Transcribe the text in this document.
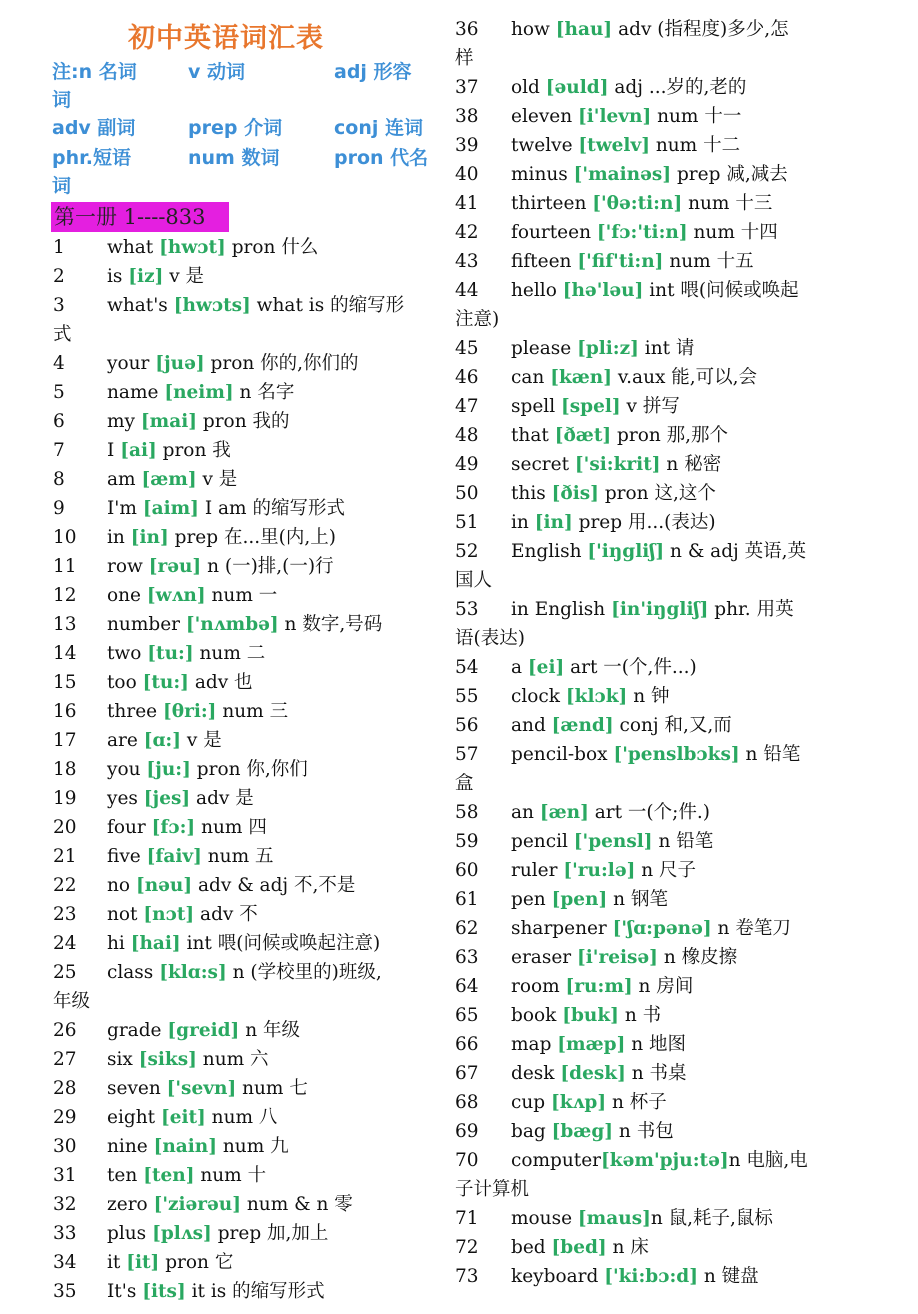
初中英语词汇表
注:n 名词	v 动词	adj 形容
词
adv 副词	prep 介词	conj 连词
phr.短语	num 数词	pron 代名
词
第一册 1----833
1 what [hwɔt] pron 什么
2 is [iz] v 是
3 what's [hwɔts] what is 的缩写形
式
4 your [juə] pron 你的,你们的
5 name [neim] n 名字
6 my [mai] pron 我的
7 I [ai] pron 我
8 am [æm] v 是
9 I'm [aim] I am 的缩写形式
10 in [in] prep 在...里(内,上)
11 row [rəu] n (一)排,(一)行
12 one [wʌn] num 一
13 number ['nʌmbə] n 数字,号码
14 two [tu:] num 二
15 too [tu:] adv 也
16 three [θri:] num 三
17 are [ɑ:] v 是
18 you [ju:] pron 你,你们
19 yes [jes] adv 是
20 four [fɔ:] num 四
21 five [faiv] num 五
22 no [nəu] adv & adj 不,不是
23 not [nɔt] adv 不
24 hi [hai] int 喂(问候或唤起注意)
25 class [klɑ:s] n (学校里的)班级,
年级
26 grade [greid] n 年级
27 six [siks] num 六
28 seven ['sevn] num 七
29 eight [eit] num 八
30 nine [nain] num 九
31 ten [ten] num 十
32 zero ['ziərəu] num & n 零
33 plus [plʌs] prep 加,加上
34 it [it] pron 它
35 It's [its] it is 的缩写形式
36 how [hau] adv (指程度)多少,怎
样
37 old [əuld] adj ...岁的,老的
38 eleven [i'levn] num 十一
39 twelve [twelv] num 十二
40 minus ['mainəs] prep 减,减去
41 thirteen ['θə:ti:n] num 十三
42 fourteen ['fɔ:'ti:n] num 十四
43 fifteen ['fif'ti:n] num 十五
44 hello [hə'ləu] int 喂(问候或唤起
注意)
45 please [pli:z] int 请
46 can [kæn] v.aux 能,可以,会
47 spell [spel] v 拼写
48 that [ðæt] pron 那,那个
49 secret ['si:krit] n 秘密
50 this [ðis] pron 这,这个
51 in [in] prep 用...(表达)
52 English ['iŋgliʃ] n & adj 英语,英
国人
53 in English [in'iŋgliʃ] phr. 用英
语(表达)
54 a [ei] art 一(个,件...)
55 clock [klɔk] n 钟
56 and [ænd] conj 和,又,而
57 pencil-box ['penslbɔks] n 铅笔
盒
58 an [æn] art 一(个;件.)
59 pencil ['pensl] n 铅笔
60 ruler ['ru:lə] n 尺子
61 pen [pen] n 钢笔
62 sharpener ['ʃɑ:pənə] n 卷笔刀
63 eraser [i'reisə] n 橡皮擦
64 room [ru:m] n 房间
65 book [buk] n 书
66 map [mæp] n 地图
67 desk [desk] n 书桌
68 cup [kʌp] n 杯子
69 bag [bæg] n 书包
70 computer[kəm'pju:tə]n 电脑,电
子计算机
71 mouse [maus]n 鼠,耗子,鼠标
72 bed [bed] n 床
73 keyboard ['ki:bɔ:d] n 键盘
